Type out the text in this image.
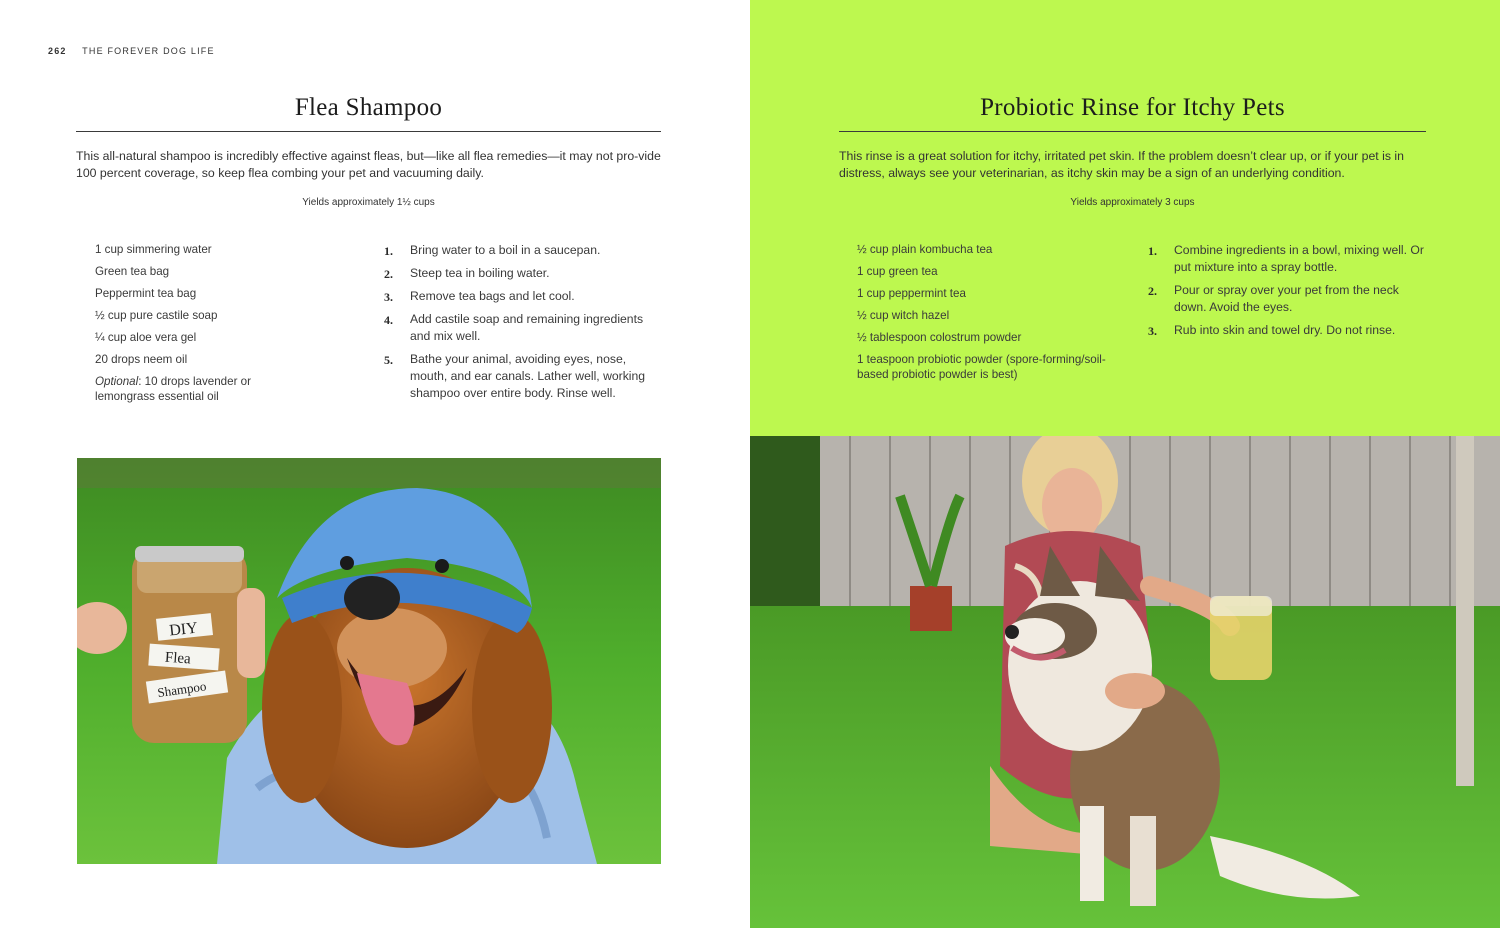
262 THE FOREVER DOG LIFE
Flea Shampoo

This all-natural shampoo is incredibly effective against fleas, but—like all flea remedies—it may not pro-vide 100 percent coverage, so keep flea combing your pet and vacuuming daily.

Yields approximately 1½ cups

1 cup simmering water
Green tea bag
Peppermint tea bag
½ cup pure castile soap
¼ cup aloe vera gel
20 drops neem oil
Optional: 10 drops lavender or lemongrass essential oil
1. Bring water to a boil in a saucepan.
2. Steep tea in boiling water.
3. Remove tea bags and let cool.
4. Add castile soap and remaining ingredients and mix well.
5. Bathe your animal, avoiding eyes, nose, mouth, and ear canals. Lather well, working shampoo over entire body. Rinse well.
DIY
Flea
Shampoo
Probiotic Rinse for Itchy Pets

This rinse is a great solution for itchy, irritated pet skin. If the problem doesn’t clear up, or if your pet is in distress, always see your veterinarian, as itchy skin may be a sign of an underlying condition.

Yields approximately 3 cups

½ cup plain kombucha tea
1 cup green tea
1 cup peppermint tea
½ cup witch hazel
½ tablespoon colostrum powder
1 teaspoon probiotic powder (spore-forming/soil-based probiotic powder is best)
1. Combine ingredients in a bowl, mixing well. Or put mixture into a spray bottle.
2. Pour or spray over your pet from the neck down. Avoid the eyes.
3. Rub into skin and towel dry. Do not rinse.
